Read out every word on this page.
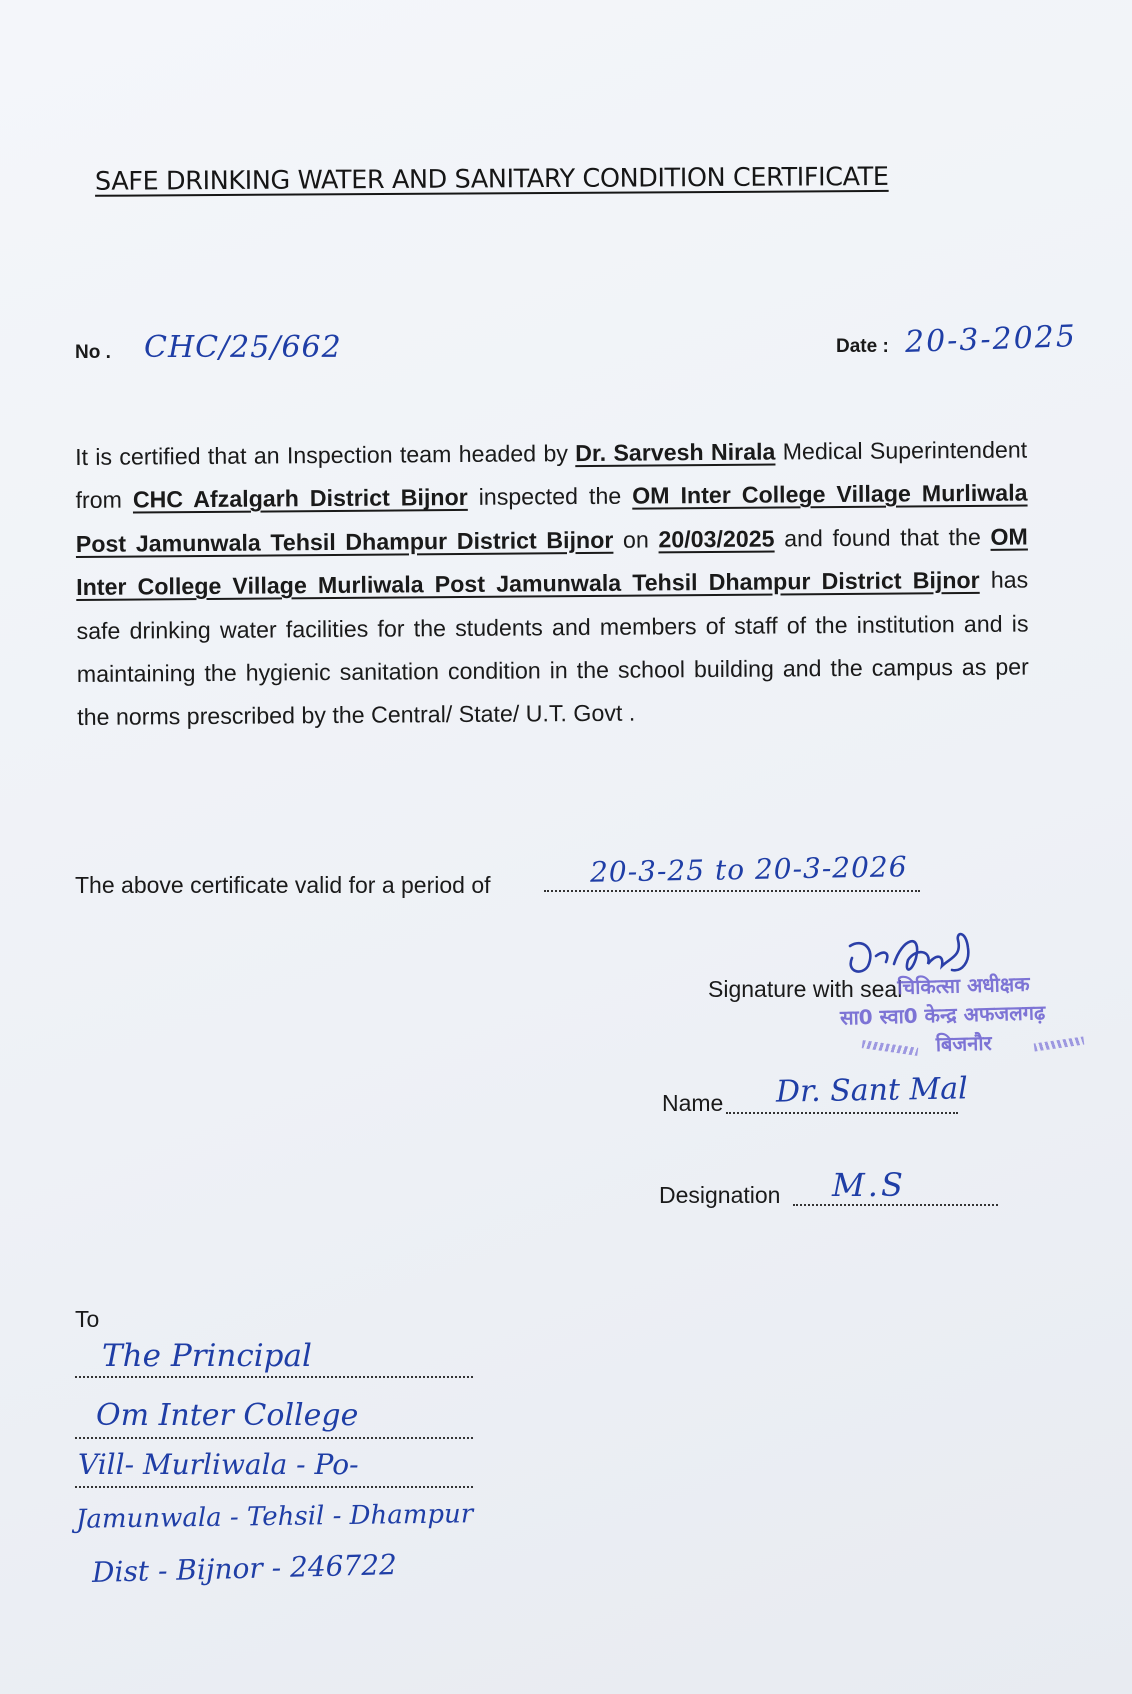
SAFE DRINKING WATER AND SANITARY CONDITION CERTIFICATE
No . CHC/25/662	Date : 20-3-2025
It is certified that an Inspection team headed by Dr. Sarvesh Nirala Medical Superintendent from CHC Afzalgarh District Bijnor inspected the OM Inter College Village Murliwala Post Jamunwala Tehsil Dhampur District Bijnor on 20/03/2025 and found that the OM Inter College Village Murliwala Post Jamunwala Tehsil Dhampur District Bijnor has safe drinking water facilities for the students and members of staff of the institution and is maintaining the hygienic sanitation condition in the school building and the campus as per the norms prescribed by the Central/ State/ U.T. Govt .
The above certificate valid for a period of	20-3-25 to 20-3-2026
Signature with seal
चिकित्सा अधीक्षक
सा0 स्वा0 केन्द्र अफजलगढ़
बिजनौर
Name Dr. Sant Mal
Designation M.S
To
The Principal
Om Inter College
Vill- Murliwala - Po-
Jamunwala - Tehsil - Dhampur
Dist - Bijnor - 246722
